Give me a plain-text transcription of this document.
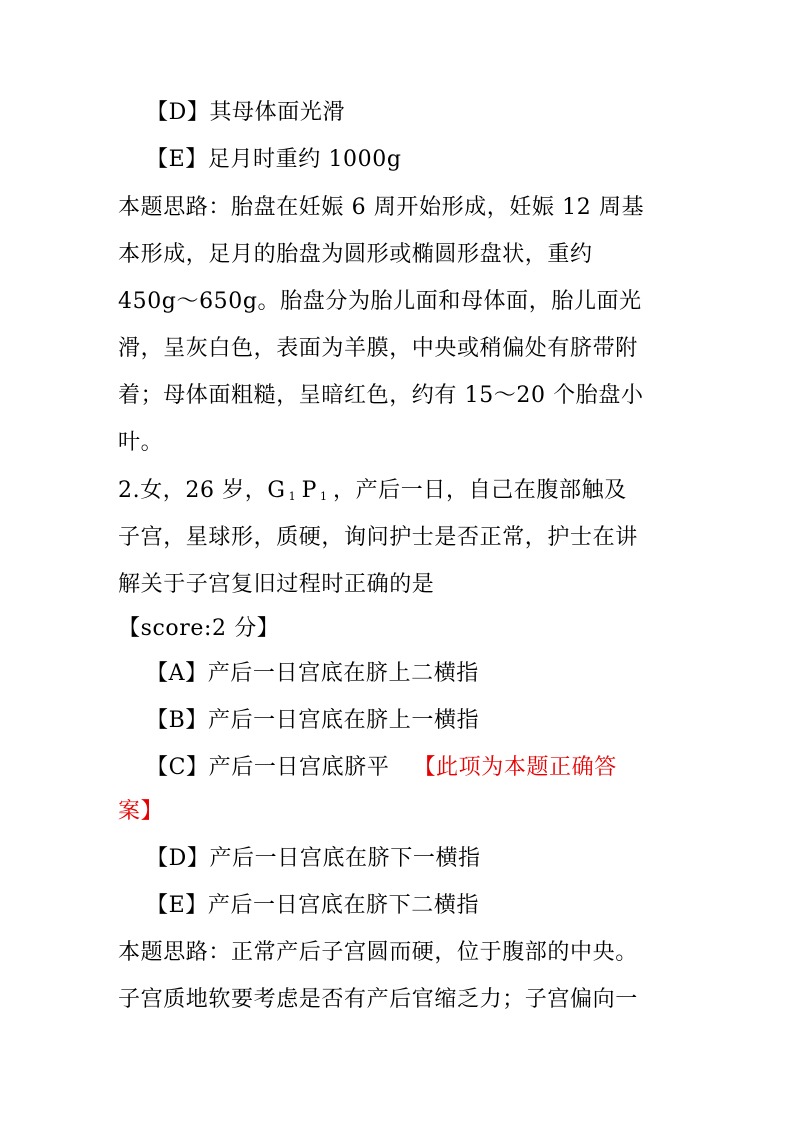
【D】其母体面光滑
【E】足月时重约 1000g
本题思路：胎盘在妊娠 6 周开始形成，妊娠 12 周基
本形成，足月的胎盘为圆形或椭圆形盘状，重约
450g～650g。胎盘分为胎儿面和母体面，胎儿面光
滑，呈灰白色，表面为羊膜，中央或稍偏处有脐带附
着；母体面粗糙，呈暗红色，约有 15～20 个胎盘小
叶。
2.女，26 岁，G $_1$ P $_1$ ，产后一日，自己在腹部触及
子宫，星球形，质硬，询问护士是否正常，护士在讲
解关于子宫复旧过程时正确的是
【score:2 分】
【A】产后一日宫底在脐上二横指
【B】产后一日宫底在脐上一横指
【C】产后一日宫底脐平 【此项为本题正确答
案】
【D】产后一日宫底在脐下一横指
【E】产后一日宫底在脐下二横指
本题思路：正常产后子宫圆而硬，位于腹部的中央。
子宫质地软要考虑是否有产后官缩乏力；子宫偏向一
